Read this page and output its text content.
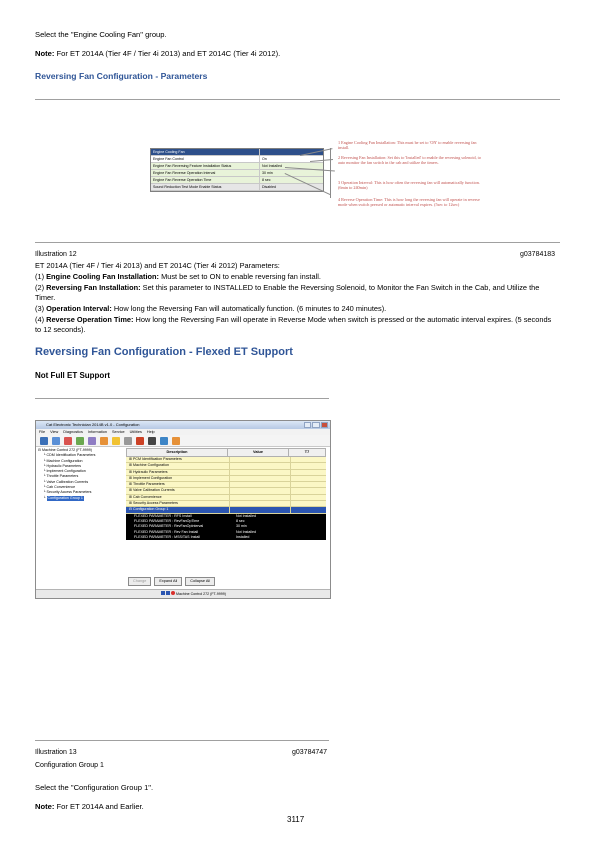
Select the "Engine Cooling Fan" group.
Note: For ET 2014A (Tier 4F / Tier 4i 2013) and ET 2014C (Tier 4i 2012).
Reversing Fan Configuration - Parameters
Engine Cooling Fan
Engine Fan Control	On
Engine Fan Reversing Feature Installation Status	Not Installed
Engine Fan Reverse Operation Interval	30 min
Engine Fan Reverse Operation Time	8 sec
Sound Reduction Test Mode Enable Status	Disabled
1 Engine Cooling Fan Installation: This must be set to 'ON' to enable reversing fan install.
2 Reversing Fan Installation: Set this to 'Installed' to enable the reversing solenoid, to auto monitor the fan switch in the cab and utilize the timers.
3 Operation Interval: This is how often the reversing fan will automatically function. (6min to 240min)
4 Reverse Operation Time: This is how long the reversing fan will operate in reverse mode when switch pressed or automatic interval expires. (5sec to 12sec)
Illustration 12	g03784183
ET 2014A (Tier 4F / Tier 4i 2013) and ET 2014C (Tier 4i 2012) Parameters:
(1) Engine Cooling Fan Installation: Must be set to ON to enable reversing fan install.
(2) Reversing Fan Installation: Set this parameter to INSTALLED to Enable the Reversing Solenoid, to Monitor the Fan Switch in the Cab, and Utilize the
Timer.
(3) Operation Interval: How long the Reversing Fan will automatically function. (6 minutes to 240 minutes).
(4) Reverse Operation Time: How long the Reversing Fan will operate in Reverse Mode when switch is pressed or the automatic interval expires. (5 seconds
to 12 seconds).
Reversing Fan Configuration - Flexed ET Support
Not Full ET Support
Cat Electronic Technician 2014B v1.0 - Configuration
File View Diagnostics Information Service Utilities Help
⊟ Machine Control 272 (FT-9999)
└ CDM Identification Parameters
└ Machine Configuration
└ Hydraulic Parameters
└ Implement Configuration
└ Throttle Parameters
└ Valve Calibration Currents
└ Cab Convenience
└ Security Access Parameters
└ Configuration Group 1
Description	Value	T7
⊞ PCM Identification Parameters
⊞ Machine Configuration
⊞ Hydraulic Parameters
⊞ Implement Configuration
⊞ Throttle Parameters
⊞ Valve Calibration Currents
⊞ Cab Convenience
⊞ Security Access Parameters
⊟ Configuration Group 1
FLEXED PARAMETER : RFS Install	Not Installed
FLEXED PARAMETER : RevFanOpTime	8 sec
FLEXED PARAMETER : RevFanOpInterval	30 min
FLEXED PARAMETER : Rev Fan Install	Not Installed
FLEXED PARAMETER : MSS/TAS Install	Installed
Change	Expand All	Collapse All
Machine Control 272 (FT-9999)
Illustration 13	g03784747
Configuration Group 1
Select the "Configuration Group 1".
Note: For ET 2014A and Earlier.
3117
